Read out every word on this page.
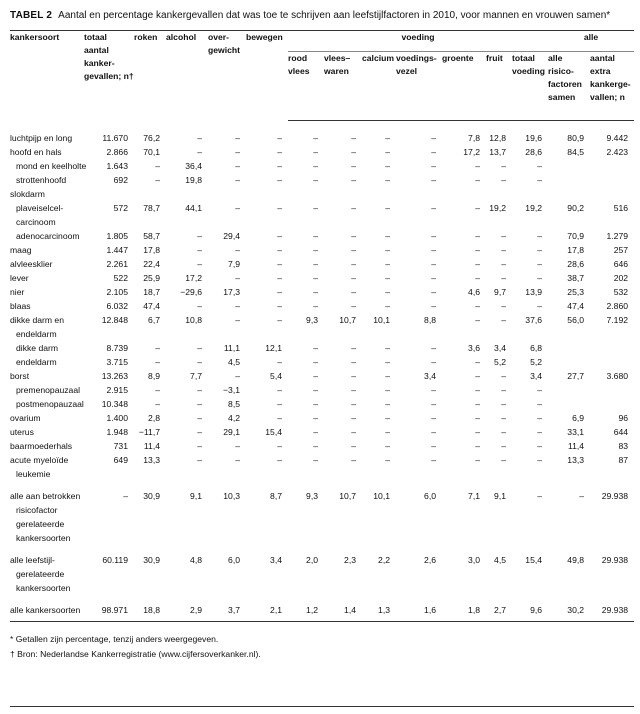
TABEL 2 Aantal en percentage kankergevallen dat was toe te schrijven aan leefstijlfactoren in 2010, voor mannen en vrouwen samen*
kankersoort	totaal aantal kanker-gevallen; n†	roken	alcohol	over-gewicht	bewegen	voeding							alle	
						rood vlees	vlees–waren	calcium	voedings-vezel	groente	fruit	totaal voeding	alle risico-factoren samen	aantal extra kankerge-vallen; n

luchtpijp en long	11.670	76,2	–	–	–	–	–	–	–	7,8	12,8	19,6	80,9	9.442
hoofd en hals	2.866	70,1	–	–	–	–	–	–	–	17,2	13,7	28,6	84,5	2.423
mond en keelholte	1.643	–	36,4	–	–	–	–	–	–	–	–	–		
strottenhoofd	692	–	19,8	–	–	–	–	–	–	–	–	–		
slokdarm														
plaveiselcel-	572	78,7	44,1	–	–	–	–	–	–	–	19,2	19,2	90,2	516
carcinoom														
adenocarcinoom	1.805	58,7	–	29,4	–	–	–	–	–	–	–	–	70,9	1.279
maag	1.447	17,8	–	–	–	–	–	–	–	–	–	–	17,8	257
alvleesklier	2.261	22,4	–	7,9	–	–	–	–	–	–	–	–	28,6	646
lever	522	25,9	17,2	–	–	–	–	–	–	–	–	–	38,7	202
nier	2.105	18,7	−29,6	17,3	–	–	–	–	–	4,6	9,7	13,9	25,3	532
blaas	6.032	47,4	–	–	–	–	–	–	–	–	–	–	47,4	2.860
dikke darm en	12.848	6,7	10,8	–	–	9,3	10,7	10,1	8,8	–	–	37,6	56,0	7.192
endeldarm														
dikke darm	8.739	–	–	11,1	12,1	–	–	–	–	3,6	3,4	6,8		
endeldarm	3.715	–	–	4,5	–	–	–	–	–	–	5,2	5,2		
borst	13.263	8,9	7,7	–	5,4	–	–	–	3,4	–	–	3,4	27,7	3.680
premenopauzaal	2.915	–	–	−3,1	–	–	–	–	–	–	–	–		
postmenopauzaal	10.348	–	–	8,5	–	–	–	–	–	–	–	–		
ovarium	1.400	2,8	–	4,2	–	–	–	–	–	–	–	–	6,9	96
uterus	1.948	−11,7	–	29,1	15,4	–	–	–	–	–	–	–	33,1	644
baarmoederhals	731	11,4	–	–	–	–	–	–	–	–	–	–	11,4	83
acute myeloïde	649	13,3	–	–	–	–	–	–	–	–	–	–	13,3	87
leukemie														
alle aan betrokken	–	30,9	9,1	10,3	8,7	9,3	10,7	10,1	6,0	7,1	9,1	–	–	29.938
risicofactor														
gerelateerde														
kankersoorten														
alle leefstijl-	60.119	30,9	4,8	6,0	3,4	2,0	2,3	2,2	2,6	3,0	4,5	15,4	49,8	29.938
gerelateerde														
kankersoorten														
alle kankersoorten	98.971	18,8	2,9	3,7	2,1	1,2	1,4	1,3	1,6	1,8	2,7	9,6	30,2	29.938
* Getallen zijn percentage, tenzij anders weergegeven.
† Bron: Nederlandse Kankerregistratie (www.cijfersoverkanker.nl).
